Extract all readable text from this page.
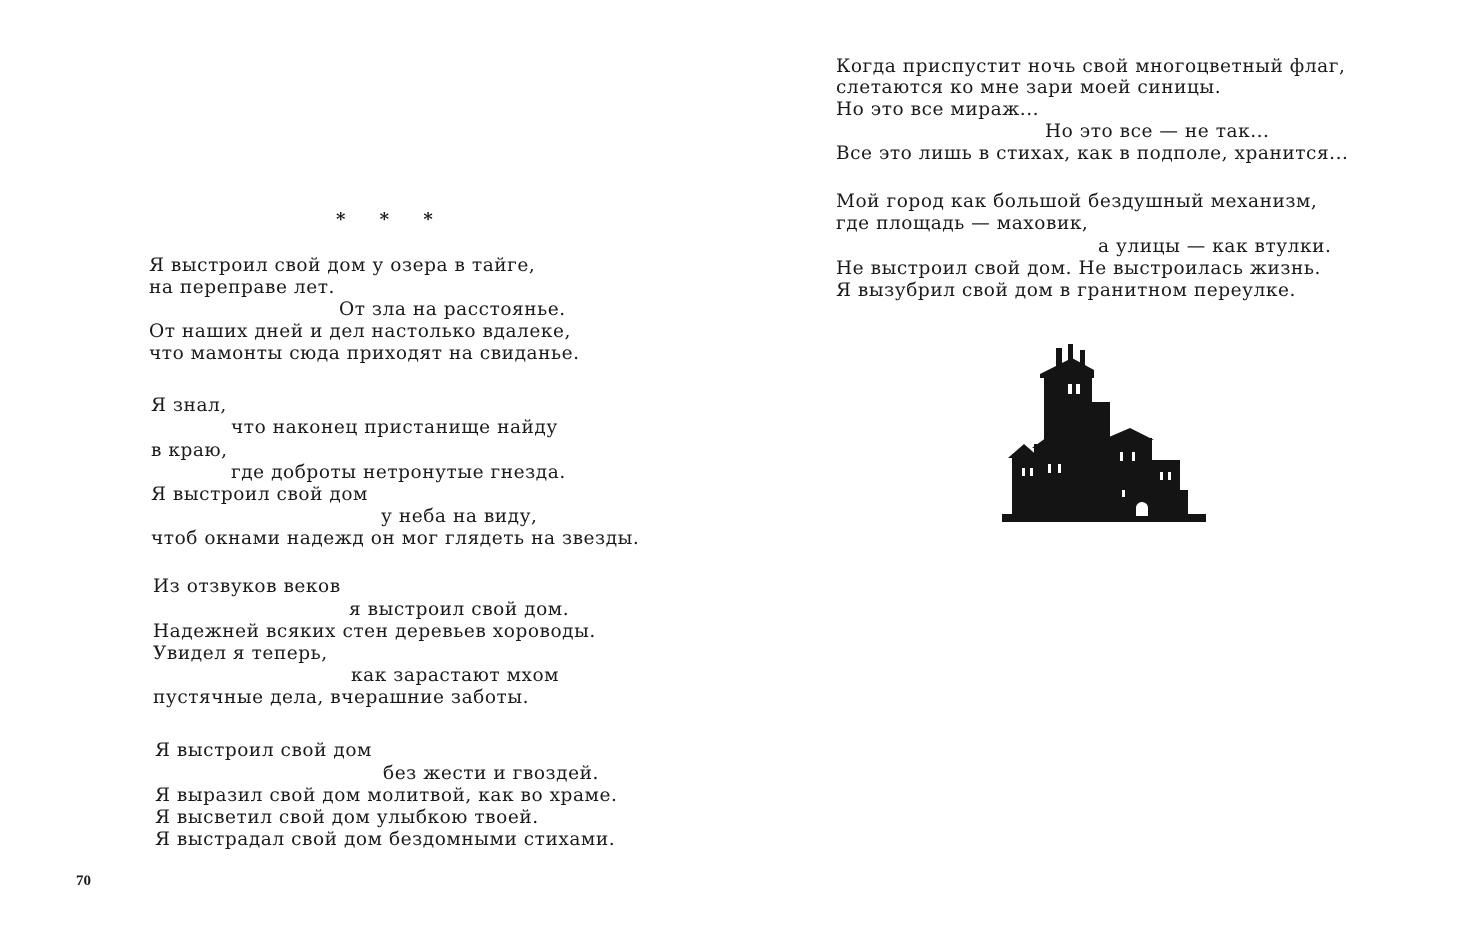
* * *
Я выстроил свой дом у озера в тайге,
на переправе лет.
От зла на расстоянье.
От наших дней и дел настолько вдалеке,
что мамонты сюда приходят на свиданье.
Я знал,
что наконец пристанище найду
в краю,
где доброты нетронутые гнезда.
Я выстроил свой дом
у неба на виду,
чтоб окнами надежд он мог глядеть на звезды.
Из отзвуков веков
я выстроил свой дом.
Надежней всяких стен деревьев хороводы.
Увидел я теперь,
как зарастают мхом
пустячные дела, вчерашние заботы.
Я выстроил свой дом
без жести и гвоздей.
Я выразил свой дом молитвой, как во храме.
Я высветил свой дом улыбкою твоей.
Я выстрадал свой дом бездомными стихами.
70
Когда приспустит ночь свой многоцветный флаг,
слетаются ко мне зари моей синицы.
Но это все мираж...
Но это все — не так...
Все это лишь в стихах, как в подполе, хранится...
Мой город как большой бездушный механизм,
где площадь — маховик,
а улицы — как втулки.
Не выстроил свой дом. Не выстроилась жизнь.
Я вызубрил свой дом в гранитном переулке.
